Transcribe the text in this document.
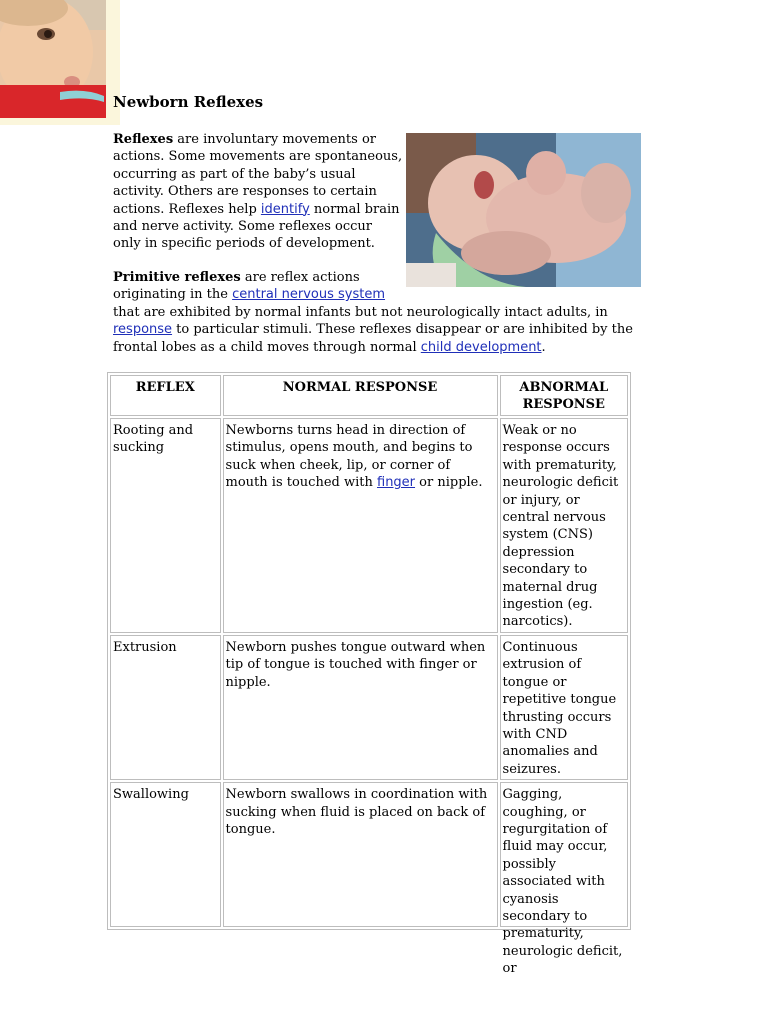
Newborn Reflexes

Reflexes are involuntary movements or actions. Some movements are spontaneous, occurring as part of the baby’s usual activity. Others are responses to certain actions. Reflexes help identify normal brain and nerve activity. Some reflexes occur only in specific periods of development.

Primitive reflexes are reflex actions originating in the central nervous system
that are exhibited by normal infants but not neurologically intact adults, in response to particular stimuli. These reflexes disappear or are inhibited by the frontal lobes as a child moves through normal child development.

REFLEX	NORMAL RESPONSE	ABNORMAL RESPONSE
Rooting and sucking	Newborns turns head in direction of stimulus, opens mouth, and begins to suck when cheek, lip, or corner of mouth is touched with finger or nipple.	Weak or no response occurs with prematurity, neurologic deficit or injury, or central nervous system (CNS) depression secondary to maternal drug ingestion (eg. narcotics).
Extrusion	Newborn pushes tongue outward when tip of tongue is touched with finger or nipple.	Continuous extrusion of tongue or repetitive tongue thrusting occurs with CND anomalies and seizures.
Swallowing	Newborn swallows in coordination with sucking when fluid is placed on back of tongue.	Gagging, coughing, or regurgitation of fluid may occur, possibly associated with cyanosis secondary to prematurity, neurologic deficit, or
